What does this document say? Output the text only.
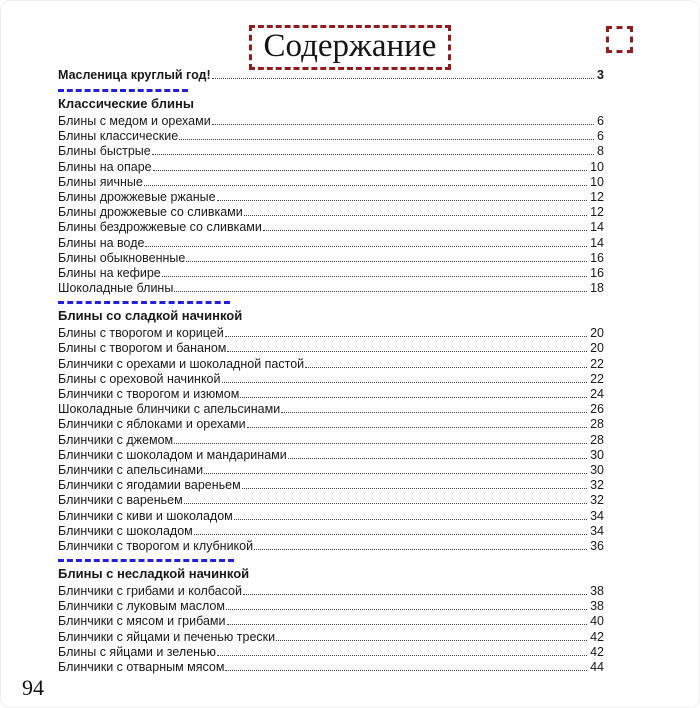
Содержание
Масленица круглый год!	3
Классические блины
Блины с медом и орехами	6
Блины классические	6
Блины быстрые	8
Блины на опаре	10
Блины яичные	10
Блины дрожжевые ржаные	12
Блины дрожжевые со сливками	12
Блины бездрожжевые со сливками	14
Блины на воде	14
Блины обыкновенные	16
Блины на кефире	16
Шоколадные блины	18
Блины со сладкой начинкой
Блины с творогом и корицей	20
Блины с творогом и бананом	20
Блинчики с орехами и шоколадной пастой	22
Блины с ореховой начинкой	22
Блинчики с творогом и изюмом	24
Шоколадные блинчики с апельсинами	26
Блинчики с яблоками и орехами	28
Блинчики с джемом	28
Блинчики с шоколадом и мандаринами	30
Блинчики с апельсинами	30
Блинчики с ягодамии вареньем	32
Блинчики с вареньем	32
Блинчики с киви и шоколадом	34
Блинчики с шоколадом	34
Блинчики с творогом и клубникой	36
Блины с несладкой начинкой
Блинчики с грибами и колбасой	38
Блинчики с луковым маслом	38
Блинчики с мясом и грибами	40
Блинчики с яйцами и печенью трески	42
Блины с яйцами и зеленью	42
Блинчики с отварным мясом	44
94
